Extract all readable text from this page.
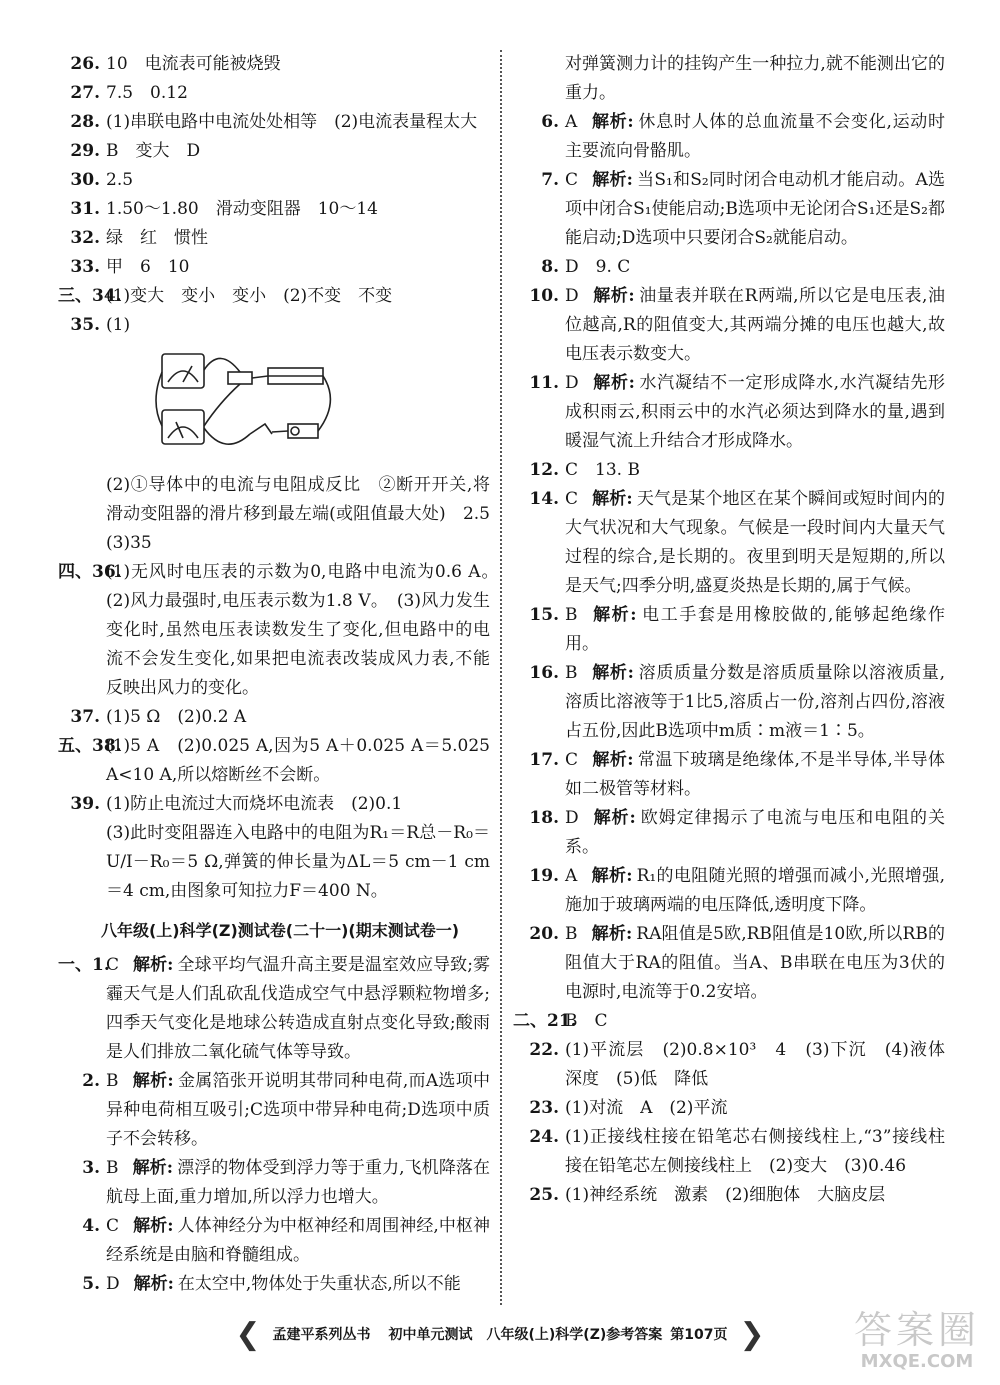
26. 10　电流表可能被烧毁
27. 7.5　0.12
28. (1)串联电路中电流处处相等　(2)电流表量程太大
29. B　变大　D
30. 2.5
31. 1.50～1.80　滑动变阻器　10～14
32. 绿　红　惯性
33. 甲　6　10
三、34.
(1)变大　变小　变小　(2)不变　不变
35. (1)
(2)①导体中的电流与电阻成反比　②断开开关,将滑动变阻器的滑片移到最左端(或阻值最大处)　2.5　(3)35
四、36.
(1)无风时电压表的示数为0,电路中电流为0.6 A。　(2)风力最强时,电压表示数为1.8 V。　(3)风力发生变化时,虽然电压表读数发生了变化,但电路中的电流不会发生变化,如果把电流表改装成风力表,不能反映出风力的变化。
37. (1)5 Ω　(2)0.2 A
五、38.
(1)5 A　(2)0.025 A,因为5 A＋0.025 A＝5.025 A<10 A,所以熔断丝不会断。
39. (1)防止电流过大而烧坏电流表　(2)0.1
(3)此时变阻器连入电路中的电阻为R₁＝R总－R₀＝U/I－R₀＝5 Ω,弹簧的伸长量为ΔL＝5 cm－1 cm＝4 cm,由图象可知拉力F＝400 N。
八年级(上)科学(Z)测试卷(二十一)(期末测试卷一)
一、1.
C 解析: 全球平均气温升高主要是温室效应导致;雾霾天气是人们乱砍乱伐造成空气中悬浮颗粒物增多;四季天气变化是地球公转造成直射点变化导致;酸雨是人们排放二氧化硫气体等导致。
2. B 解析: 金属箔张开说明其带同种电荷,而A选项中异种电荷相互吸引;C选项中带异种电荷;D选项中质子不会转移。
3. B 解析: 漂浮的物体受到浮力等于重力,飞机降落在航母上面,重力增加,所以浮力也增大。
4. C 解析: 人体神经分为中枢神经和周围神经,中枢神经系统是由脑和脊髓组成。
5. D 解析: 在太空中,物体处于失重状态,所以不能
对弹簧测力计的挂钩产生一种拉力,就不能测出它的重力。
6. A 解析: 休息时人体的总血流量不会变化,运动时主要流向骨骼肌。
7. C 解析: 当S₁和S₂同时闭合电动机才能启动。A选项中闭合S₁使能启动;B选项中无论闭合S₁还是S₂都能启动;D选项中只要闭合S₂就能启动。
8. D　9. C
10. D 解析: 油量表并联在R两端,所以它是电压表,油位越高,R的阻值变大,其两端分摊的电压也越大,故电压表示数变大。
11. D 解析: 水汽凝结不一定形成降水,水汽凝结先形成积雨云,积雨云中的水汽必须达到降水的量,遇到暖湿气流上升结合才形成降水。
12. C　13. B
14. C 解析: 天气是某个地区在某个瞬间或短时间内的大气状况和大气现象。气候是一段时间内大量天气过程的综合,是长期的。夜里到明天是短期的,所以是天气;四季分明,盛夏炎热是长期的,属于气候。
15. B 解析: 电工手套是用橡胶做的,能够起绝缘作用。
16. B 解析: 溶质质量分数是溶质质量除以溶液质量,溶质比溶液等于1比5,溶质占一份,溶剂占四份,溶液占五份,因此B选项中m质∶m液＝1∶5。
17. C 解析: 常温下玻璃是绝缘体,不是半导体,半导体如二极管等材料。
18. D 解析: 欧姆定律揭示了电流与电压和电阻的关系。
19. A 解析: R₁的电阻随光照的增强而减小,光照增强,施加于玻璃两端的电压降低,透明度下降。
20. B 解析: RA阻值是5欧,RB阻值是10欧,所以RB的阻值大于RA的阻值。当A、B串联在电压为3伏的电源时,电流等于0.2安培。
二、21.
B　C
22. (1)平流层　(2)0.8×10³　4　(3)下沉　(4)液体深度　(5)低　降低
23. (1)对流　A　(2)平流
24. (1)正接线柱接在铅笔芯右侧接线柱上,“3”接线柱接在铅笔芯左侧接线柱上　(2)变大　(3)0.46
25. (1)神经系统　激素　(2)细胞体　大脑皮层
❮ 孟建平系列丛书 初中单元测试　八年级(上)科学(Z)参考答案 第107页 ❯	答案圈
MXQE.COM
